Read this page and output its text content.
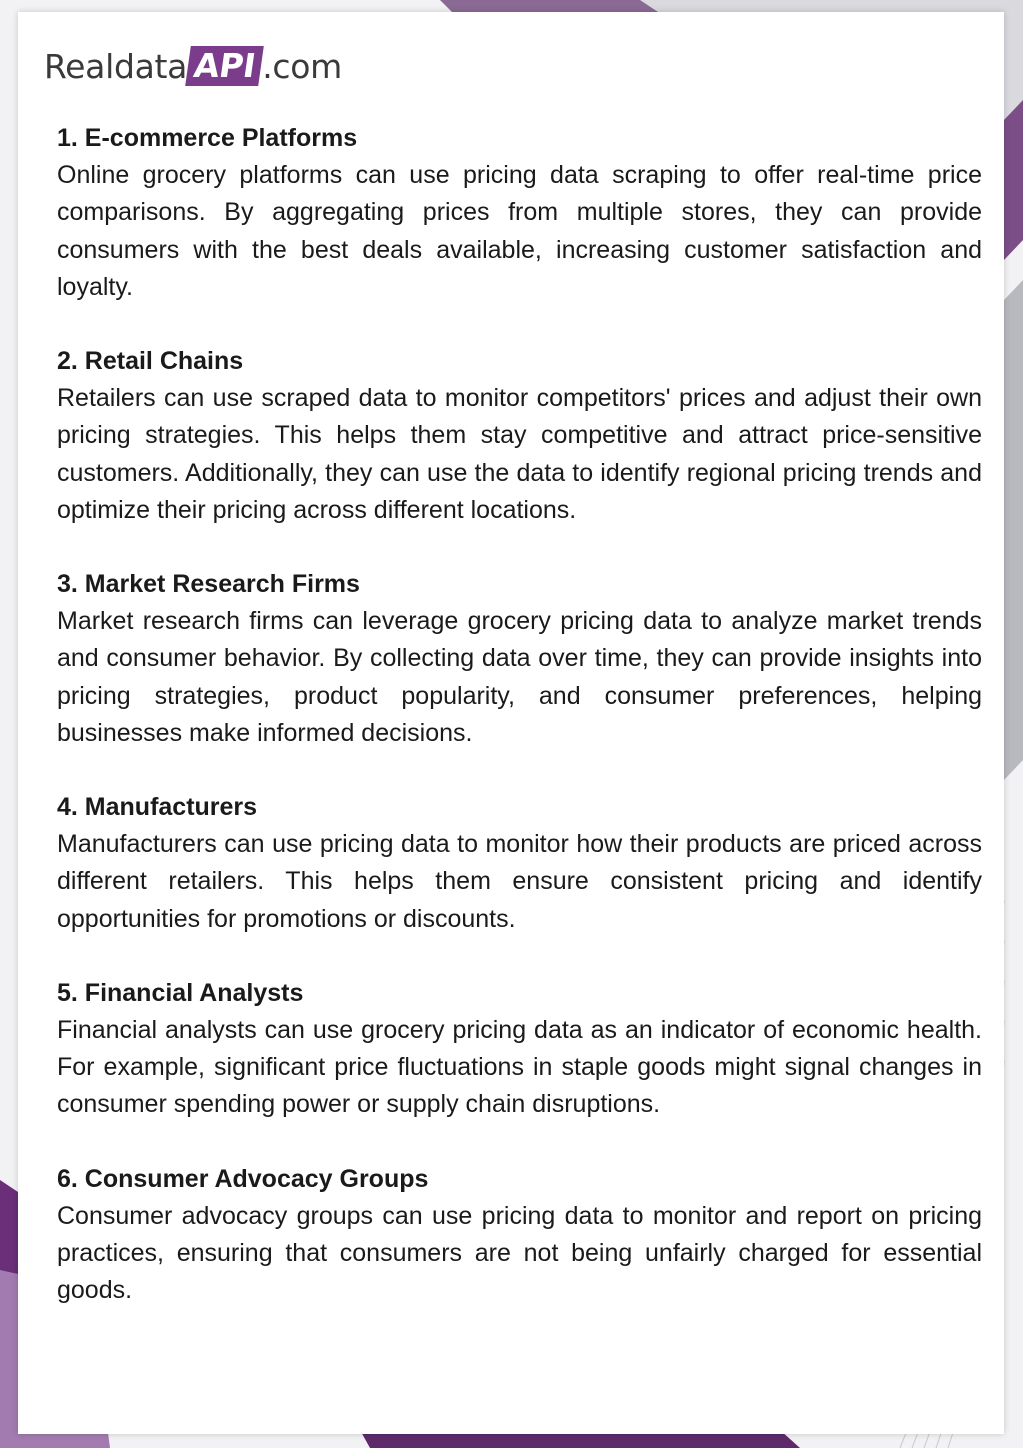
Realdata API .com
1. E-commerce Platforms

Online grocery platforms can use pricing data scraping to offer real-time price comparisons. By aggregating prices from multiple stores, they can provide consumers with the best deals available, increasing customer satisfaction and loyalty.

2. Retail Chains

Retailers can use scraped data to monitor competitors' prices and adjust their own pricing strategies. This helps them stay competitive and attract price-sensitive customers. Additionally, they can use the data to identify regional pricing trends and optimize their pricing across different locations.

3. Market Research Firms

Market research firms can leverage grocery pricing data to analyze market trends and consumer behavior. By collecting data over time, they can provide insights into pricing strategies, product popularity, and consumer preferences, helping businesses make informed decisions.

4. Manufacturers

Manufacturers can use pricing data to monitor how their products are priced across different retailers. This helps them ensure consistent pricing and identify opportunities for promotions or discounts.

5. Financial Analysts

Financial analysts can use grocery pricing data as an indicator of economic health. For example, significant price fluctuations in staple goods might signal changes in consumer spending power or supply chain disruptions.

6. Consumer Advocacy Groups

Consumer advocacy groups can use pricing data to monitor and report on pricing practices, ensuring that consumers are not being unfairly charged for essential goods.
